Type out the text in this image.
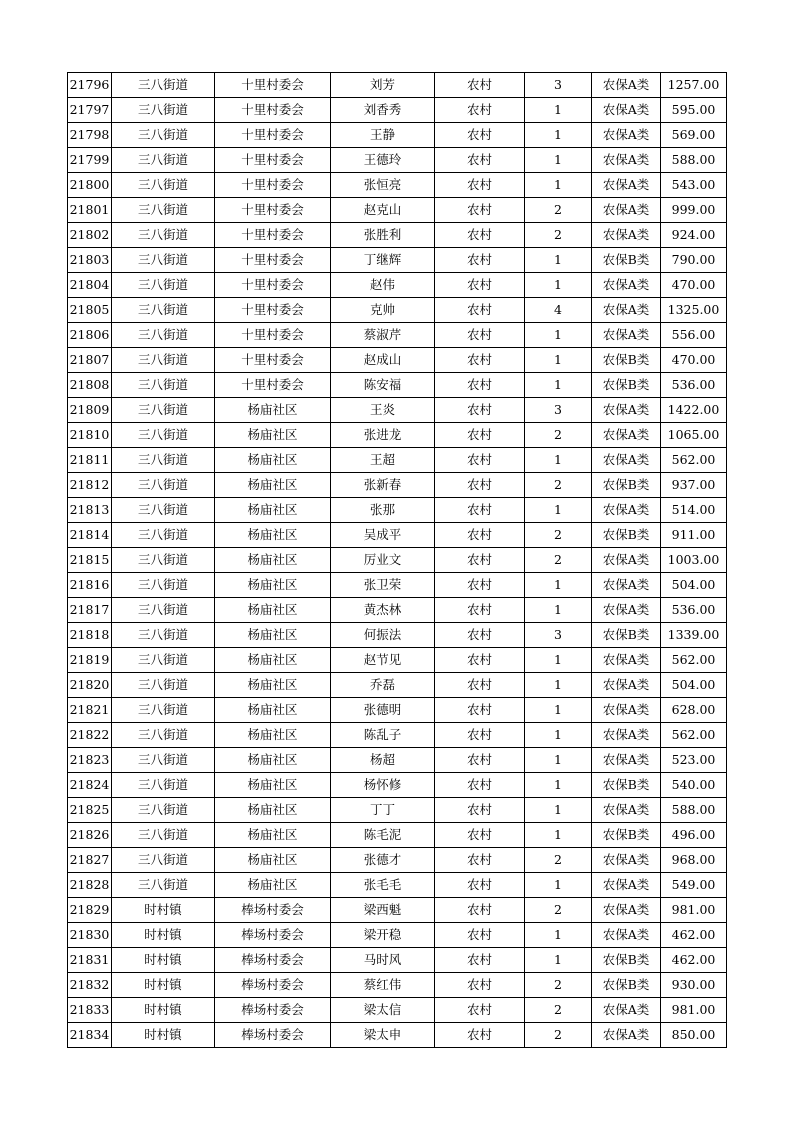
21796	三八街道	十里村委会	刘芳	农村	3	农保A类	1257.00
21797	三八街道	十里村委会	刘香秀	农村	1	农保A类	595.00
21798	三八街道	十里村委会	王静	农村	1	农保A类	569.00
21799	三八街道	十里村委会	王德玲	农村	1	农保A类	588.00
21800	三八街道	十里村委会	张恒亮	农村	1	农保A类	543.00
21801	三八街道	十里村委会	赵克山	农村	2	农保A类	999.00
21802	三八街道	十里村委会	张胜利	农村	2	农保A类	924.00
21803	三八街道	十里村委会	丁继辉	农村	1	农保B类	790.00
21804	三八街道	十里村委会	赵伟	农村	1	农保A类	470.00
21805	三八街道	十里村委会	克帅	农村	4	农保A类	1325.00
21806	三八街道	十里村委会	蔡淑芹	农村	1	农保A类	556.00
21807	三八街道	十里村委会	赵成山	农村	1	农保B类	470.00
21808	三八街道	十里村委会	陈安福	农村	1	农保B类	536.00
21809	三八街道	杨庙社区	王炎	农村	3	农保A类	1422.00
21810	三八街道	杨庙社区	张进龙	农村	2	农保A类	1065.00
21811	三八街道	杨庙社区	王超	农村	1	农保A类	562.00
21812	三八街道	杨庙社区	张新春	农村	2	农保B类	937.00
21813	三八街道	杨庙社区	张那	农村	1	农保A类	514.00
21814	三八街道	杨庙社区	吴成平	农村	2	农保B类	911.00
21815	三八街道	杨庙社区	厉业文	农村	2	农保A类	1003.00
21816	三八街道	杨庙社区	张卫荣	农村	1	农保A类	504.00
21817	三八街道	杨庙社区	黄杰林	农村	1	农保A类	536.00
21818	三八街道	杨庙社区	何振法	农村	3	农保B类	1339.00
21819	三八街道	杨庙社区	赵节见	农村	1	农保A类	562.00
21820	三八街道	杨庙社区	乔磊	农村	1	农保A类	504.00
21821	三八街道	杨庙社区	张德明	农村	1	农保A类	628.00
21822	三八街道	杨庙社区	陈乱子	农村	1	农保A类	562.00
21823	三八街道	杨庙社区	杨超	农村	1	农保A类	523.00
21824	三八街道	杨庙社区	杨怀修	农村	1	农保B类	540.00
21825	三八街道	杨庙社区	丁丁	农村	1	农保A类	588.00
21826	三八街道	杨庙社区	陈毛泥	农村	1	农保B类	496.00
21827	三八街道	杨庙社区	张德才	农村	2	农保A类	968.00
21828	三八街道	杨庙社区	张毛毛	农村	1	农保A类	549.00
21829	时村镇	棒场村委会	梁西魁	农村	2	农保A类	981.00
21830	时村镇	棒场村委会	梁开稳	农村	1	农保A类	462.00
21831	时村镇	棒场村委会	马时风	农村	1	农保B类	462.00
21832	时村镇	棒场村委会	蔡红伟	农村	2	农保B类	930.00
21833	时村镇	棒场村委会	梁太信	农村	2	农保A类	981.00
21834	时村镇	棒场村委会	梁太申	农村	2	农保A类	850.00
